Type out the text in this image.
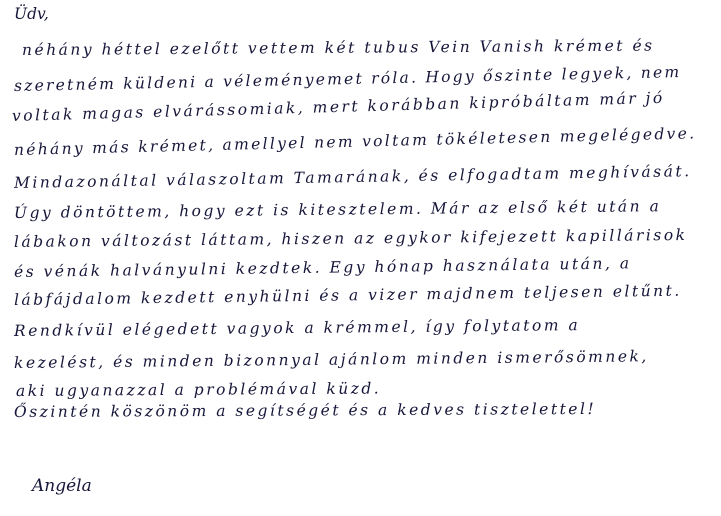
Üdv,
néhány héttel ezelőtt vettem két tubus Vein Vanish krémet és
szeretném küldeni a véleményemet róla. Hogy őszinte legyek, nem
voltak magas elvárássomiak, mert korábban kipróbáltam már jó
néhány más krémet, amellyel nem voltam tökéletesen megelégedve.
Mindazonáltal válaszoltam Tamarának, és elfogadtam meghívását.
Úgy döntöttem, hogy ezt is kitesztelem. Már az első két után a
lábakon változást láttam, hiszen az egykor kifejezett kapillárisok
és vénák halványulni kezdtek. Egy hónap használata után, a
lábfájdalom kezdett enyhülni és a vizer majdnem teljesen eltűnt.
Rendkívül elégedett vagyok a krémmel, így folytatom a
kezelést, és minden bizonnyal ajánlom minden ismerősömnek,
aki ugyanazzal a problémával küzd.
Őszintén köszönöm a segítségét és a kedves tisztelettel!
Angéla
